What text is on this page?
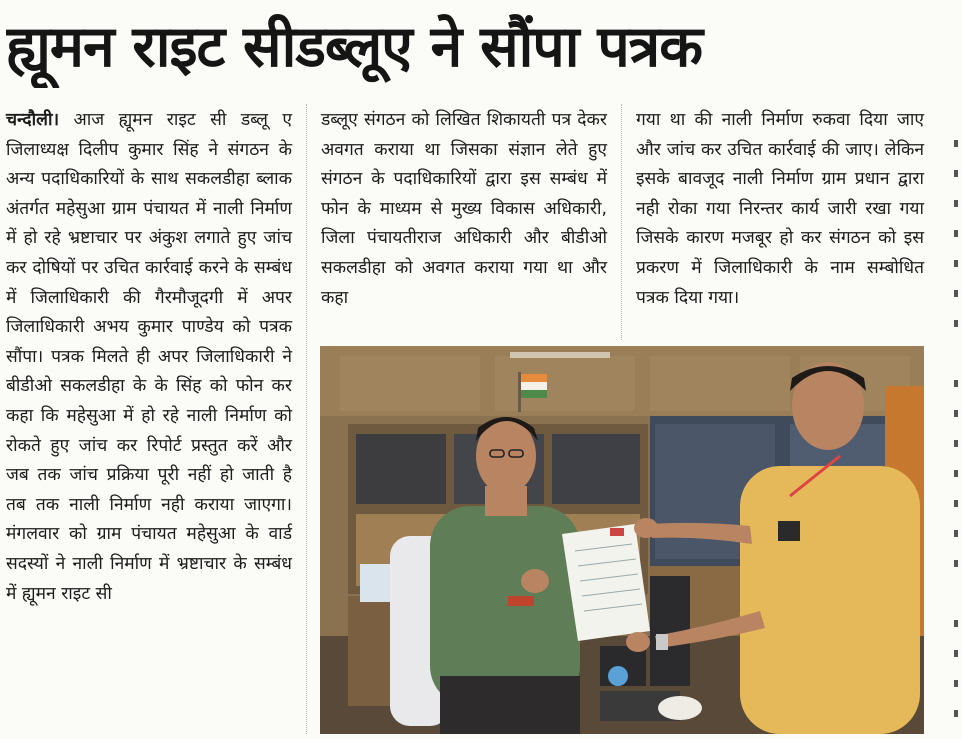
ह्यूमन राइट सीडब्लूए ने सौंपा पत्रक

चन्दौली। आज ह्यूमन राइट सी डब्लू ए जिलाध्यक्ष दिलीप कुमार सिंह ने संगठन के अन्य पदाधिकारियों के साथ सकलडीहा ब्लाक अंतर्गत महेसुआ ग्राम पंचायत में नाली निर्माण में हो रहे भ्रष्टाचार पर अंकुश लगाते हुए जांच कर दोषियों पर उचित कार्रवाई करने के सम्बंध में जिलाधिकारी की गैरमौजूदगी में अपर जिलाधिकारी अभय कुमार पाण्डेय को पत्रक सौंपा। पत्रक मिलते ही अपर जिलाधिकारी ने बीडीओ सकलडीहा के के सिंह को फोन कर कहा कि महेसुआ में हो रहे नाली निर्माण को रोकते हुए जांच कर रिपोर्ट प्रस्तुत करें और जब तक जांच प्रक्रिया पूरी नहीं हो जाती है तब तक नाली निर्माण नही कराया जाएगा। मंगलवार को ग्राम पंचायत महेसुआ के वार्ड सदस्यों ने नाली निर्माण में भ्रष्टाचार के सम्बंध में ह्यूमन राइट सी

डब्लूए संगठन को लिखित शिकायती पत्र देकर अवगत कराया था जिसका संज्ञान लेते हुए संगठन के पदाधिकारियों द्वारा इस सम्बंध में फोन के माध्यम से मुख्य विकास अधिकारी, जिला पंचायतीराज अधिकारी और बीडीओ सकलडीहा को अवगत कराया गया था और कहा

गया था की नाली निर्माण रुकवा दिया जाए और जांच कर उचित कार्रवाई की जाए। लेकिन इसके बावजूद नाली निर्माण ग्राम प्रधान द्वारा नही रोका गया निरन्तर कार्य जारी रखा गया जिसके कारण मजबूर हो कर संगठन को इस प्रकरण में जिलाधिकारी के नाम सम्बोधित पत्रक दिया गया।
